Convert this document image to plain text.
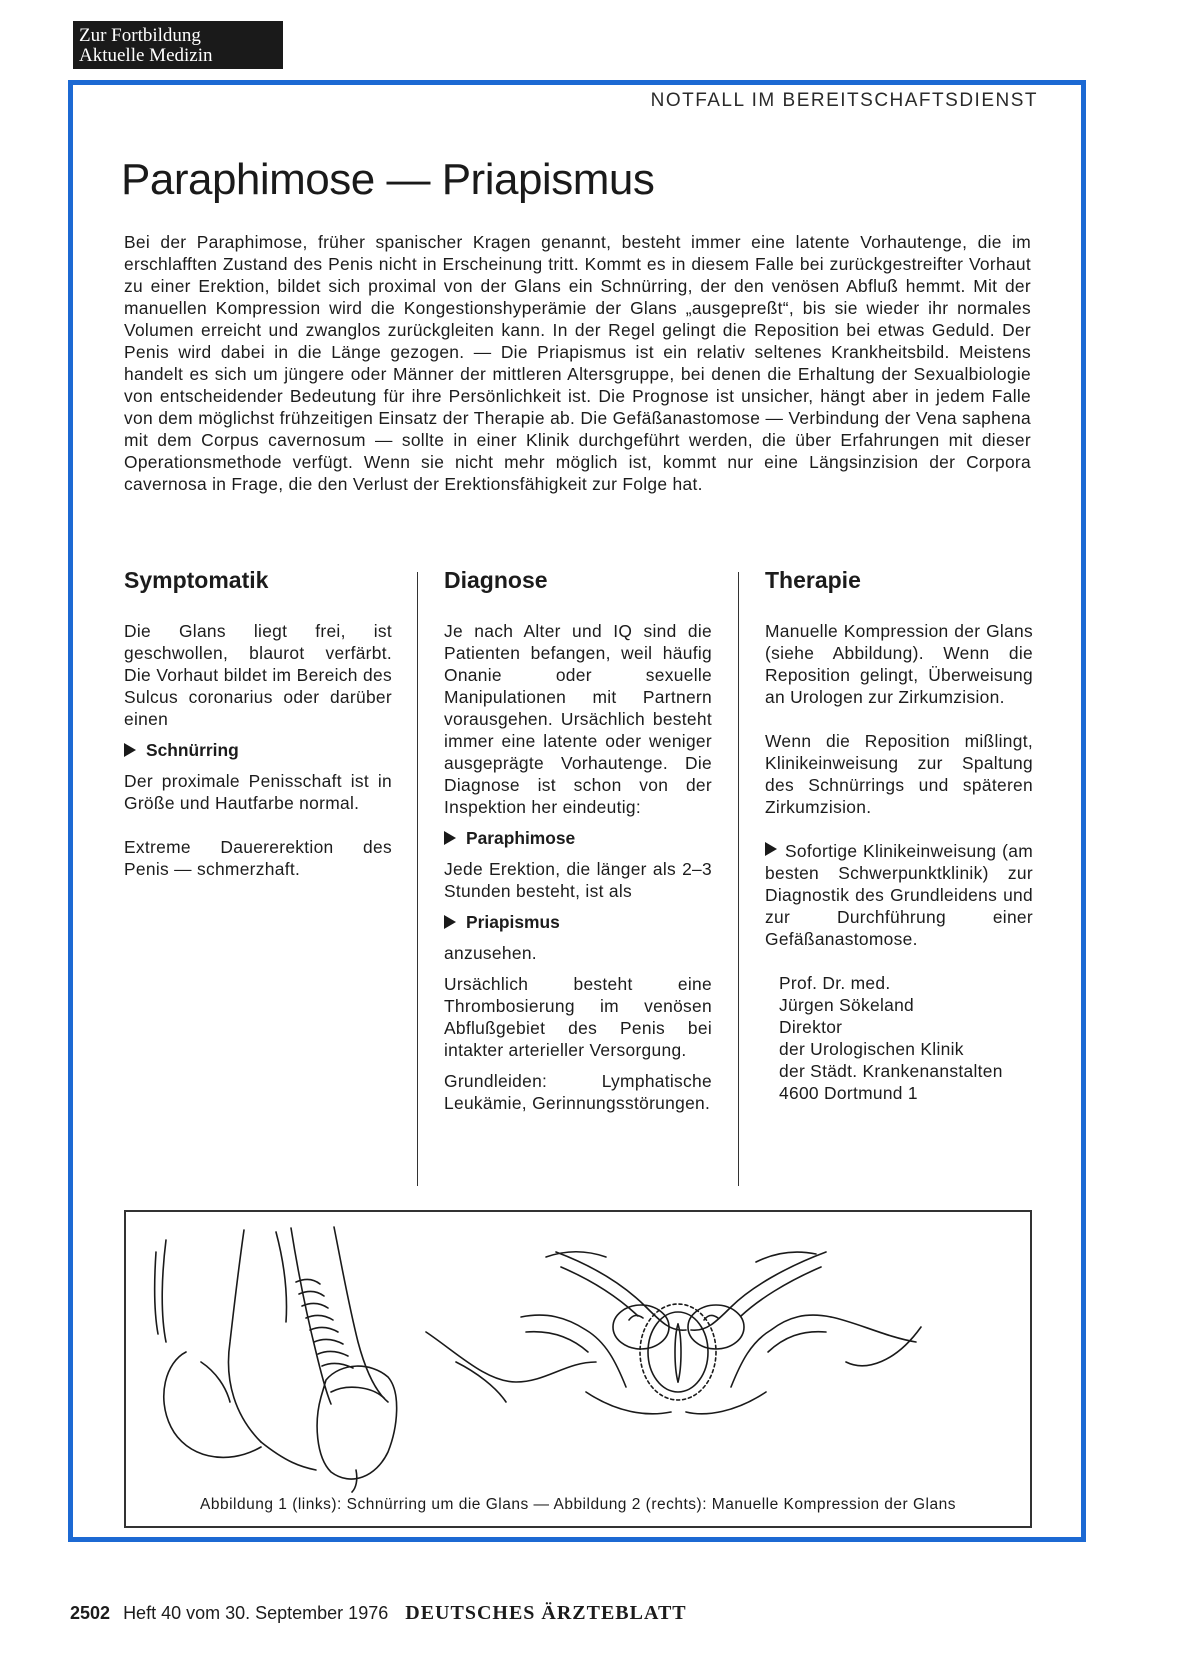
Zur Fortbildung
Aktuelle Medizin
NOTFALL IM BEREITSCHAFTSDIENST
Paraphimose — Priapismus

Bei der Paraphimose, früher spanischer Kragen genannt, besteht immer eine latente Vorhautenge, die im erschlafften Zustand des Penis nicht in Erscheinung tritt. Kommt es in diesem Falle bei zurückgestreifter Vorhaut zu einer Erektion, bildet sich proximal von der Glans ein Schnürring, der den venösen Abfluß hemmt. Mit der manuellen Kompression wird die Kongestionshyperämie der Glans „ausgepreßt“, bis sie wieder ihr normales Volumen erreicht und zwanglos zurückgleiten kann. In der Regel gelingt die Reposition bei etwas Geduld. Der Penis wird dabei in die Länge gezogen. — Die Priapismus ist ein relativ seltenes Krankheitsbild. Meistens handelt es sich um jüngere oder Männer der mittleren Altersgruppe, bei denen die Erhaltung der Sexualbiologie von entscheidender Bedeutung für ihre Persönlichkeit ist. Die Prognose ist unsicher, hängt aber in jedem Falle von dem möglichst frühzeitigen Einsatz der Therapie ab. Die Gefäßanastomose — Verbindung der Vena saphena mit dem Corpus cavernosum — sollte in einer Klinik durchgeführt werden, die über Erfahrungen mit dieser Operationsmethode verfügt. Wenn sie nicht mehr möglich ist, kommt nur eine Längsinzision der Corpora cavernosa in Frage, die den Verlust der Erektionsfähigkeit zur Folge hat.

Symptomatik

Die Glans liegt frei, ist geschwollen, blaurot verfärbt. Die Vorhaut bildet im Bereich des Sulcus coronarius oder darüber einen

Schnürring

Der proximale Penisschaft ist in Größe und Hautfarbe normal.

Extreme Dauererektion des Penis — schmerzhaft.

Diagnose

Je nach Alter und IQ sind die Patienten befangen, weil häufig Onanie oder sexuelle Manipulationen mit Partnern vorausgehen. Ursächlich besteht immer eine latente oder weniger ausgeprägte Vorhautenge. Die Diagnose ist schon von der Inspektion her eindeutig:

Paraphimose

Jede Erektion, die länger als 2–3 Stunden besteht, ist als

Priapismus

anzusehen.

Ursächlich besteht eine Thrombosierung im venösen Abflußgebiet des Penis bei intakter arterieller Versorgung.

Grundleiden: Lymphatische Leukämie, Gerinnungsstörungen.

Therapie

Manuelle Kompression der Glans (siehe Abbildung). Wenn die Reposition gelingt, Überweisung an Urologen zur Zirkumzision.

Wenn die Reposition mißlingt, Klinikeinweisung zur Spaltung des Schnürrings und späteren Zirkumzision.

Sofortige Klinikeinweisung (am besten Schwerpunktklinik) zur Diagnostik des Grundleidens und zur Durchführung einer Gefäßanastomose.

Prof. Dr. med.
Jürgen Sökeland
Direktor
der Urologischen Klinik
der Städt. Krankenanstalten
4600 Dortmund 1
Abbildung 1 (links): Schnürring um die Glans — Abbildung 2 (rechts): Manuelle Kompression der Glans
2502 Heft 40 vom 30. September 1976 DEUTSCHES ÄRZTEBLATT
